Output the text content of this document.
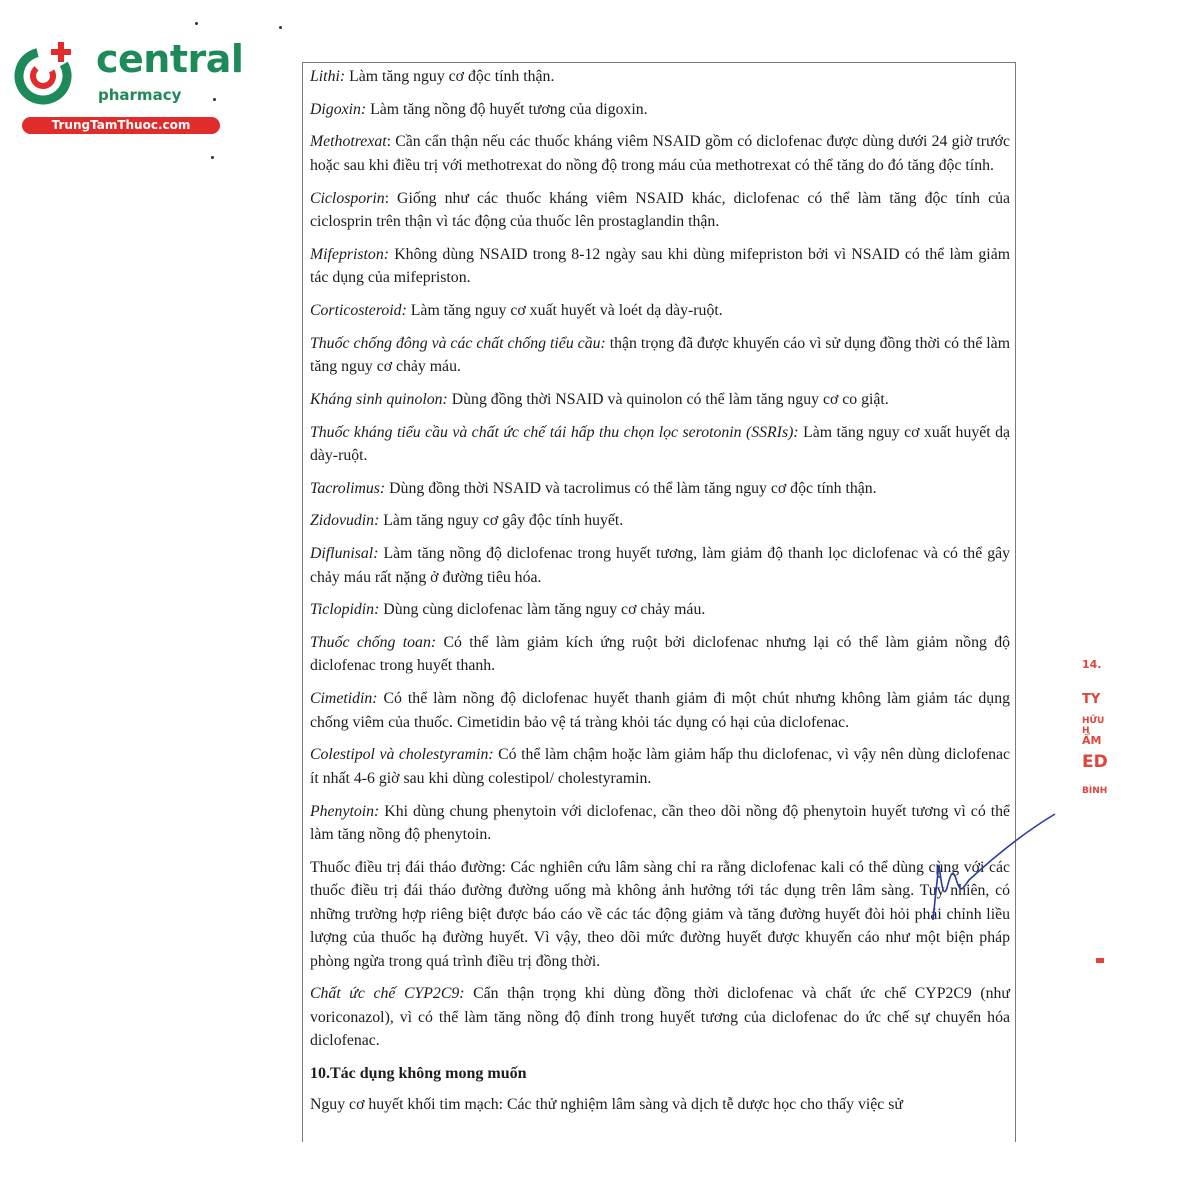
central
pharmacy
TrungTamThuoc.com

Lithi: Làm tăng nguy cơ độc tính thận.

Digoxin: Làm tăng nồng độ huyết tương của digoxin.

Methotrexat: Cần cẩn thận nếu các thuốc kháng viêm NSAID gồm có diclofenac được dùng dưới 24 giờ trước hoặc sau khi điều trị với methotrexat do nồng độ trong máu của methotrexat có thể tăng do đó tăng độc tính.

Ciclosporin: Giống như các thuốc kháng viêm NSAID khác, diclofenac có thể làm tăng độc tính của ciclosprin trên thận vì tác động của thuốc lên prostaglandin thận.

Mifepriston: Không dùng NSAID trong 8-12 ngày sau khi dùng mifepriston bởi vì NSAID có thể làm giảm tác dụng của mifepriston.

Corticosteroid: Làm tăng nguy cơ xuất huyết và loét dạ dày-ruột.

Thuốc chống đông và các chất chống tiểu cầu: thận trọng đã được khuyến cáo vì sử dụng đồng thời có thể làm tăng nguy cơ chảy máu.

Kháng sinh quinolon: Dùng đồng thời NSAID và quinolon có thể làm tăng nguy cơ co giật.

Thuốc kháng tiểu cầu và chất ức chế tái hấp thu chọn lọc serotonin (SSRIs): Làm tăng nguy cơ xuất huyết dạ dày-ruột.

Tacrolimus: Dùng đồng thời NSAID và tacrolimus có thể làm tăng nguy cơ độc tính thận.

Zidovudin: Làm tăng nguy cơ gây độc tính huyết.

Diflunisal: Làm tăng nồng độ diclofenac trong huyết tương, làm giảm độ thanh lọc diclofenac và có thể gây chảy máu rất nặng ở đường tiêu hóa.

Ticlopidin: Dùng cùng diclofenac làm tăng nguy cơ chảy máu.

Thuốc chống toan: Có thể làm giảm kích ứng ruột bởi diclofenac nhưng lại có thể làm giảm nồng độ diclofenac trong huyết thanh.

Cimetidin: Có thể làm nồng độ diclofenac huyết thanh giảm đi một chút nhưng không làm giảm tác dụng chống viêm của thuốc. Cimetidin bảo vệ tá tràng khỏi tác dụng có hại của diclofenac.

Colestipol và cholestyramin: Có thể làm chậm hoặc làm giảm hấp thu diclofenac, vì vậy nên dùng diclofenac ít nhất 4-6 giờ sau khi dùng colestipol/ cholestyramin.

Phenytoin: Khi dùng chung phenytoin với diclofenac, cần theo dõi nồng độ phenytoin huyết tương vì có thể làm tăng nồng độ phenytoin.

Thuốc điều trị đái tháo đường: Các nghiên cứu lâm sàng chỉ ra rằng diclofenac kali có thể dùng cùng với các thuốc điều trị đái tháo đường đường uống mà không ảnh hưởng tới tác dụng trên lâm sàng. Tuy nhiên, có những trường hợp riêng biệt được báo cáo về các tác động giảm và tăng đường huyết đòi hỏi phải chỉnh liều lượng của thuốc hạ đường huyết. Vì vậy, theo dõi mức đường huyết được khuyến cáo như một biện pháp phòng ngừa trong quá trình điều trị đồng thời.

Chất ức chế CYP2C9: Cẩn thận trọng khi dùng đồng thời diclofenac và chất ức chế CYP2C9 (như voriconazol), vì có thể làm tăng nồng độ đỉnh trong huyết tương của diclofenac do ức chế sự chuyển hóa diclofenac.

10.Tác dụng không mong muốn

Nguy cơ huyết khối tim mạch: Các thử nghiệm lâm sàng và dịch tễ dược học cho thấy việc sử

14.
TY
HỮU H
ẨM
ED
BÌNH
